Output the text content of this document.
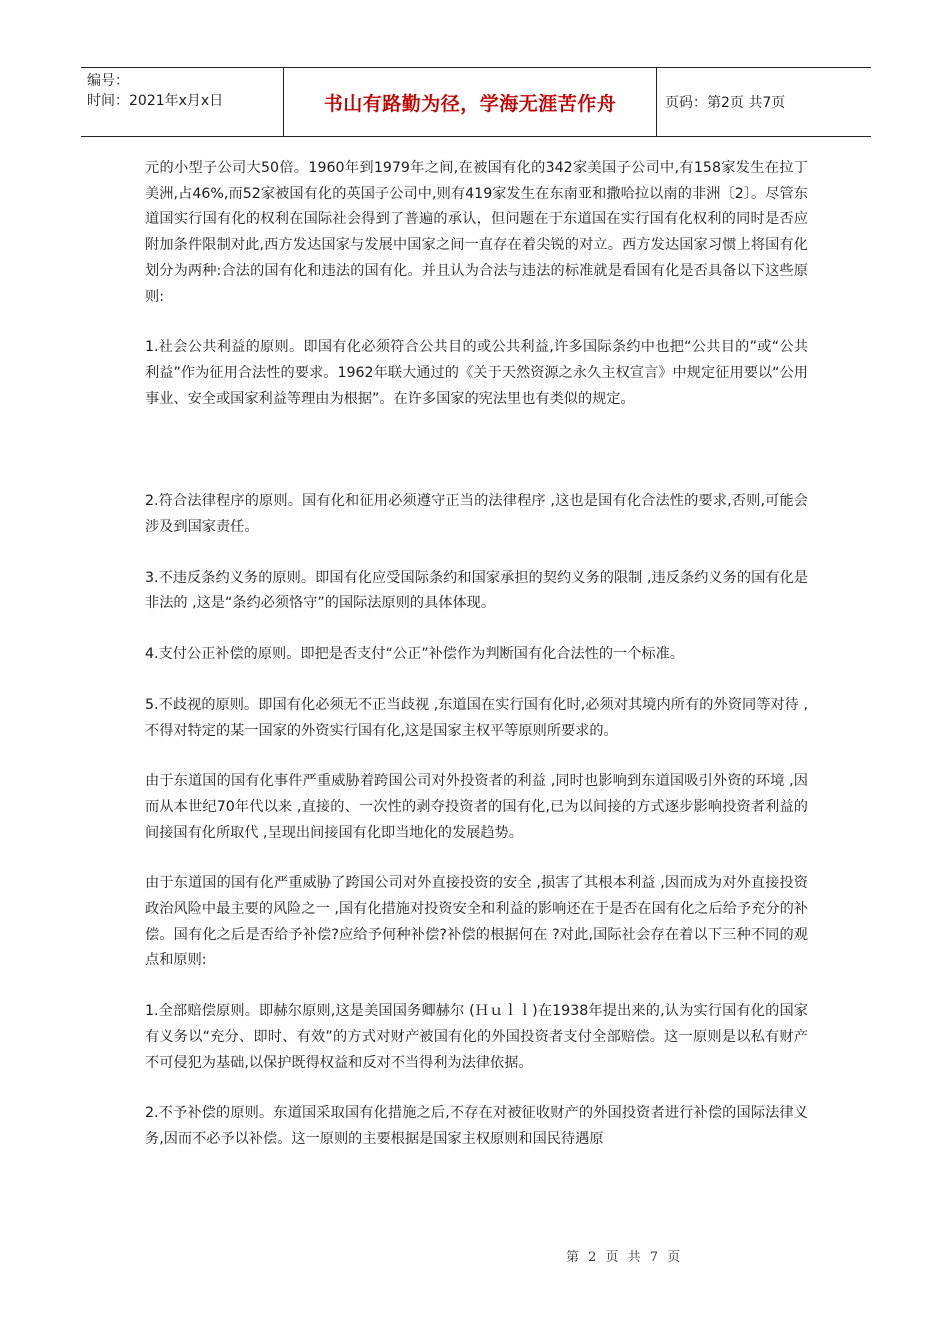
编号：
时间：2021年x月x日	书山有路勤为径，学海无涯苦作舟	页码：第2页 共7页

元的小型子公司大50倍。1960年到1979年之间,在被国有化的342家美国子公司中,有158家发生在拉丁美洲,占46%,而52家被国有化的英国子公司中,则有419家发生在东南亚和撒哈拉以南的非洲〔2〕。尽管东道国实行国有化的权利在国际社会得到了普遍的承认，但问题在于东道国在实行国有化权利的同时是否应附加条件限制对此,西方发达国家与发展中国家之间一直存在着尖锐的对立。西方发达国家习惯上将国有化划分为两种:合法的国有化和违法的国有化。并且认为合法与违法的标准就是看国有化是否具备以下这些原则:

1.社会公共利益的原则。即国有化必须符合公共目的或公共利益,许多国际条约中也把“公共目的”或“公共利益”作为征用合法性的要求。1962年联大通过的《关于天然资源之永久主权宣言》中规定征用要以“公用事业、安全或国家利益等理由为根据”。在许多国家的宪法里也有类似的规定。

2.符合法律程序的原则。国有化和征用必须遵守正当的法律程序 ,这也是国有化合法性的要求,否则,可能会涉及到国家责任。

3.不违反条约义务的原则。即国有化应受国际条约和国家承担的契约义务的限制 ,违反条约义务的国有化是非法的 ,这是“条约必须恪守”的国际法原则的具体体现。

4.支付公正补偿的原则。即把是否支付“公正”补偿作为判断国有化合法性的一个标准。

5.不歧视的原则。即国有化必须无不正当歧视 ,东道国在实行国有化时,必须对其境内所有的外资同等对待 ,不得对特定的某一国家的外资实行国有化,这是国家主权平等原则所要求的。

由于东道国的国有化事件严重威胁着跨国公司对外投资者的利益 ,同时也影响到东道国吸引外资的环境 ,因而从本世纪70年代以来 ,直接的、一次性的剥夺投资者的国有化,已为以间接的方式逐步影响投资者利益的间接国有化所取代 ,呈现出间接国有化即当地化的发展趋势。

由于东道国的国有化严重威胁了跨国公司对外直接投资的安全 ,损害了其根本利益 ,因而成为对外直接投资政治风险中最主要的风险之一 ,国有化措施对投资安全和利益的影响还在于是否在国有化之后给予充分的补偿。国有化之后是否给予补偿?应给予何种补偿?补偿的根据何在 ?对此,国际社会存在着以下三种不同的观点和原则:

1.全部赔偿原则。即赫尔原则,这是美国国务卿赫尔 (Ｈｕｌｌ)在1938年提出来的,认为实行国有化的国家有义务以“充分、即时、有效”的方式对财产被国有化的外国投资者支付全部赔偿。这一原则是以私有财产不可侵犯为基础,以保护既得权益和反对不当得利为法律依据。

2.不予补偿的原则。东道国采取国有化措施之后,不存在对被征收财产的外国投资者进行补偿的国际法律义务,因而不必予以补偿。这一原则的主要根据是国家主权原则和国民待遇原

第 2 页 共 7 页
